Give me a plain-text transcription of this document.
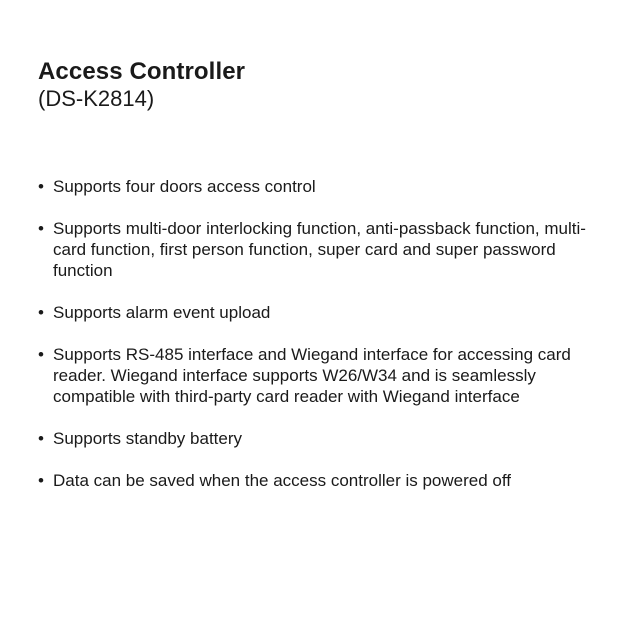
Access Controller
(DS-K2814)
• Supports four doors access control
• Supports multi-door interlocking function, anti-passback function, multi-card function, first person function, super card and super password function
• Supports alarm event upload
• Supports RS-485 interface and Wiegand interface for accessing card reader. Wiegand interface supports W26/W34 and is seamlessly compatible with third-party card reader with Wiegand interface
• Supports standby battery
• Data can be saved when the access controller is powered off
